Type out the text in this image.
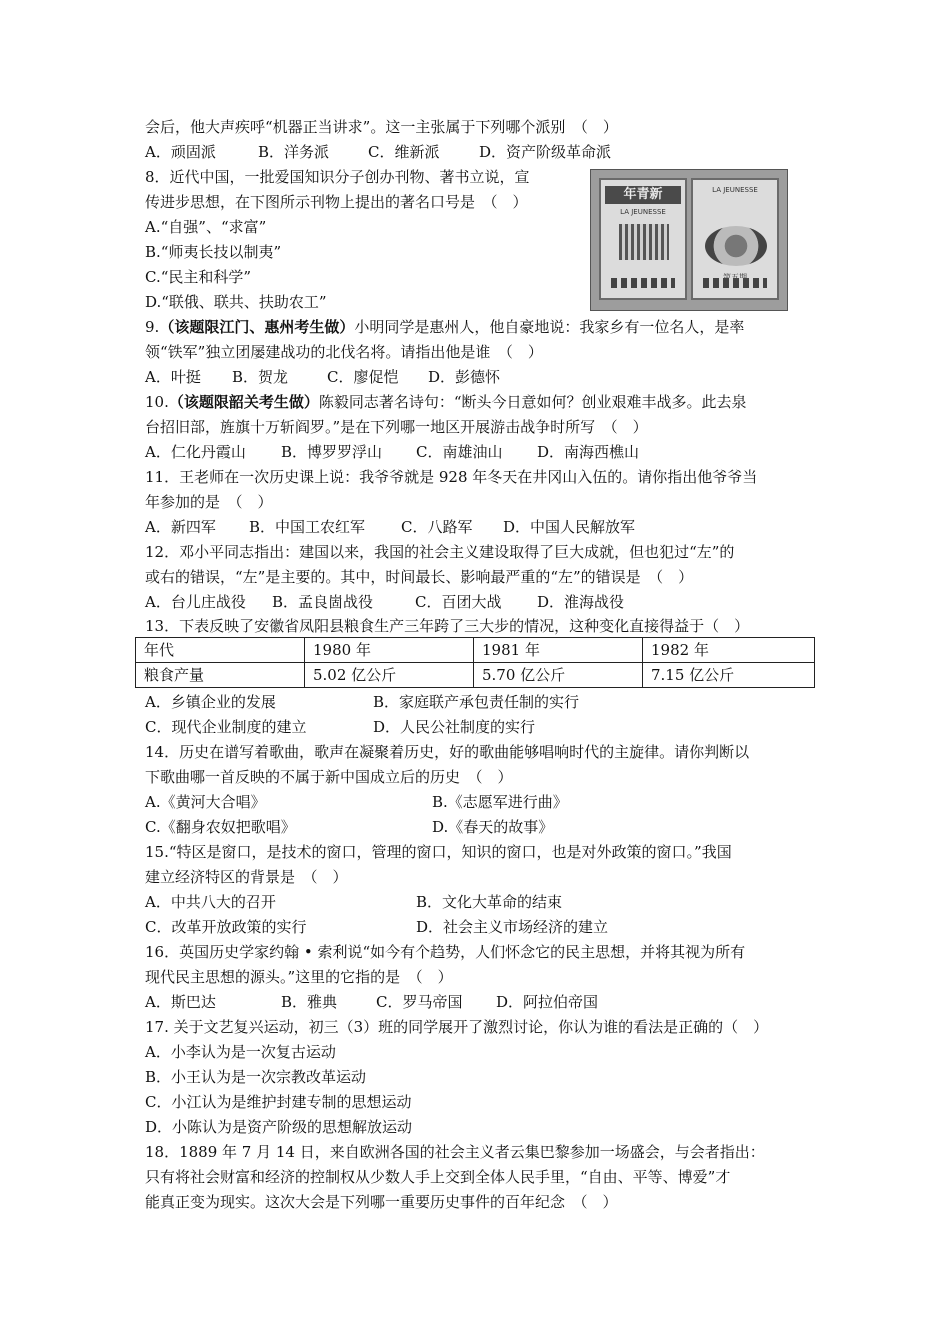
会后，他大声疾呼“机器正当讲求”。这一主张属于下列哪个派别　（　）
A．顽固派	B．洋务派	C．维新派	D．资产阶级革命派
8．近代中国，一批爱国知识分子创办刊物、著书立说，宣
传进步思想，在下图所示刊物上提出的著名口号是　（　）
A.“自强”、“求富”
B.“师夷长技以制夷”
C.“民主和科学”
D.“联俄、联共、扶助农工”
年青新
LA JEUNESSE
LA JEUNESSE
9.（该题限江门、惠州考生做）小明同学是惠州人，他自豪地说：我家乡有一位名人，是率
领“铁军”独立团屡建战功的北伐名将。请指出他是谁　（　）
A．叶挺 B．贺龙	C．廖促恺 D．彭德怀
10.（该题限韶关考生做）陈毅同志著名诗句：“断头今日意如何？创业艰难丰战多。此去泉
台招旧部，旌旗十万斩阎罗。”是在下列哪一地区开展游击战争时所写　（　）
A．仁化丹霞山 B．博罗罗浮山 C．南雄油山 D．南海西樵山
11．王老师在一次历史课上说：我爷爷就是 928 年冬天在井冈山入伍的。请你指出他爷爷当
年参加的是　（　）
A．新四军 B．中国工农红军 C．八路军 D．中国人民解放军
12．邓小平同志指出：建国以来，我国的社会主义建设取得了巨大成就，但也犯过“左”的
或右的错误，“左”是主要的。其中，时间最长、影响最严重的“左”的错误是　（　）
A．台儿庄战役 B．孟良崮战役	C．百团大战 D．淮海战役
13．下表反映了安徽省凤阳县粮食生产三年跨了三大步的情况，这种变化直接得益于（　）
年代	1980 年	1981 年	1982 年
粮食产量	5.02 亿公斤	5.70 亿公斤	7.15 亿公斤
A．乡镇企业的发展	B．家庭联产承包责任制的实行
C．现代企业制度的建立	D．人民公社制度的实行
14．历史在谱写着歌曲，歌声在凝聚着历史，好的歌曲能够唱响时代的主旋律。请你判断以
下歌曲哪一首反映的不属于新中国成立后的历史　（　）
A.《黄河大合唱》	B.《志愿军进行曲》
C.《翻身农奴把歌唱》	D.《春天的故事》
15.“特区是窗口，是技术的窗口，管理的窗口，知识的窗口，也是对外政策的窗口。”我国
建立经济特区的背景是　（　）
A．中共八大的召开	B．文化大革命的结束
C．改革开放政策的实行	D．社会主义市场经济的建立
16．英国历史学家约翰 • 索利说“如今有个趋势，人们怀念它的民主思想，并将其视为所有
现代民主思想的源头。”这里的它指的是　（　）
A．斯巴达	B．雅典	C．罗马帝国 D．阿拉伯帝国
17. 关于文艺复兴运动，初三（3）班的同学展开了激烈讨论，你认为谁的看法是正确的（　）
A．小李认为是一次复古运动
B．小王认为是一次宗教改革运动
C．小江认为是维护封建专制的思想运动
D．小陈认为是资产阶级的思想解放运动
18．1889 年 7 月 14 日，来自欧洲各国的社会主义者云集巴黎参加一场盛会，与会者指出：
只有将社会财富和经济的控制权从少数人手上交到全体人民手里，“自由、平等、博爱”才
能真正变为现实。这次大会是下列哪一重要历史事件的百年纪念　（　）
